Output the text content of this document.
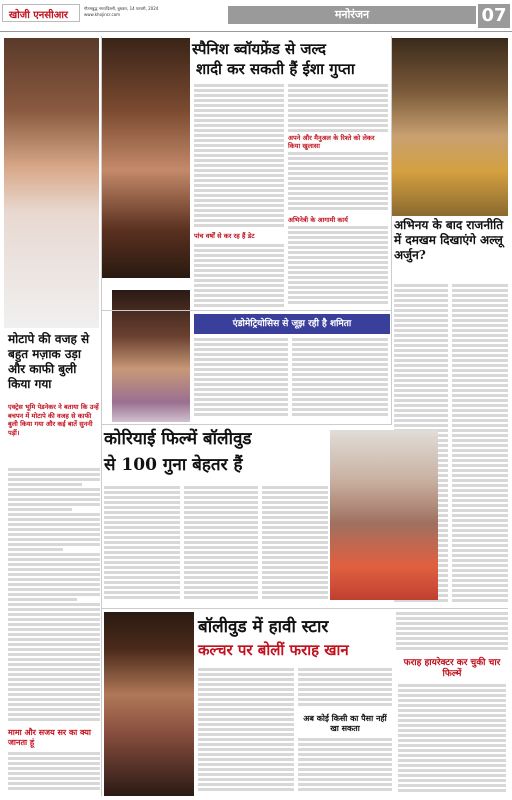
खोजी एनसीआर
गौतमबुद्ध नगर/दिल्ली, बुधवार, 14 फरवरी, 2024
www.khojincr.com	मनोरंजन	07
मोटापे की वजह से बहुत मज़ाक उड़ा और काफी बुली किया गया
एक्ट्रेस भूमि पेडनेकर ने बताया कि उन्हें बचपन में मोटापे की वजह से काफी बुली किया गया और कई बातें सुननी पड़ीं।
मामा और सजय सर का क्या जानता हूं
स्पैनिश ब्वॉयफ्रेंड से जल्द
शादी कर सकती हैं ईशा गुप्ता
पांच वर्षों से कर रह हैं डेट
अपने और मैनुअल के रिश्ते को लेकर किया खुलासा
अभिनेत्री के आगामी कार्य	अभिनय के बाद राजनीति में दमखम दिखाएंगे अल्लू अर्जुन?
एंडोमेट्रियोसिस से जूझ रही है शमिता
कोरियाई फिल्में बॉलीवुड
से 100 गुना बेहतर हैं
बॉलीवुड में हावी स्टार
कल्चर पर बोलीं फराह खान
अब कोई किसी का पैसा नहीं खा सकता
फराह हायरेक्टर कर चुकी चार फिल्में
